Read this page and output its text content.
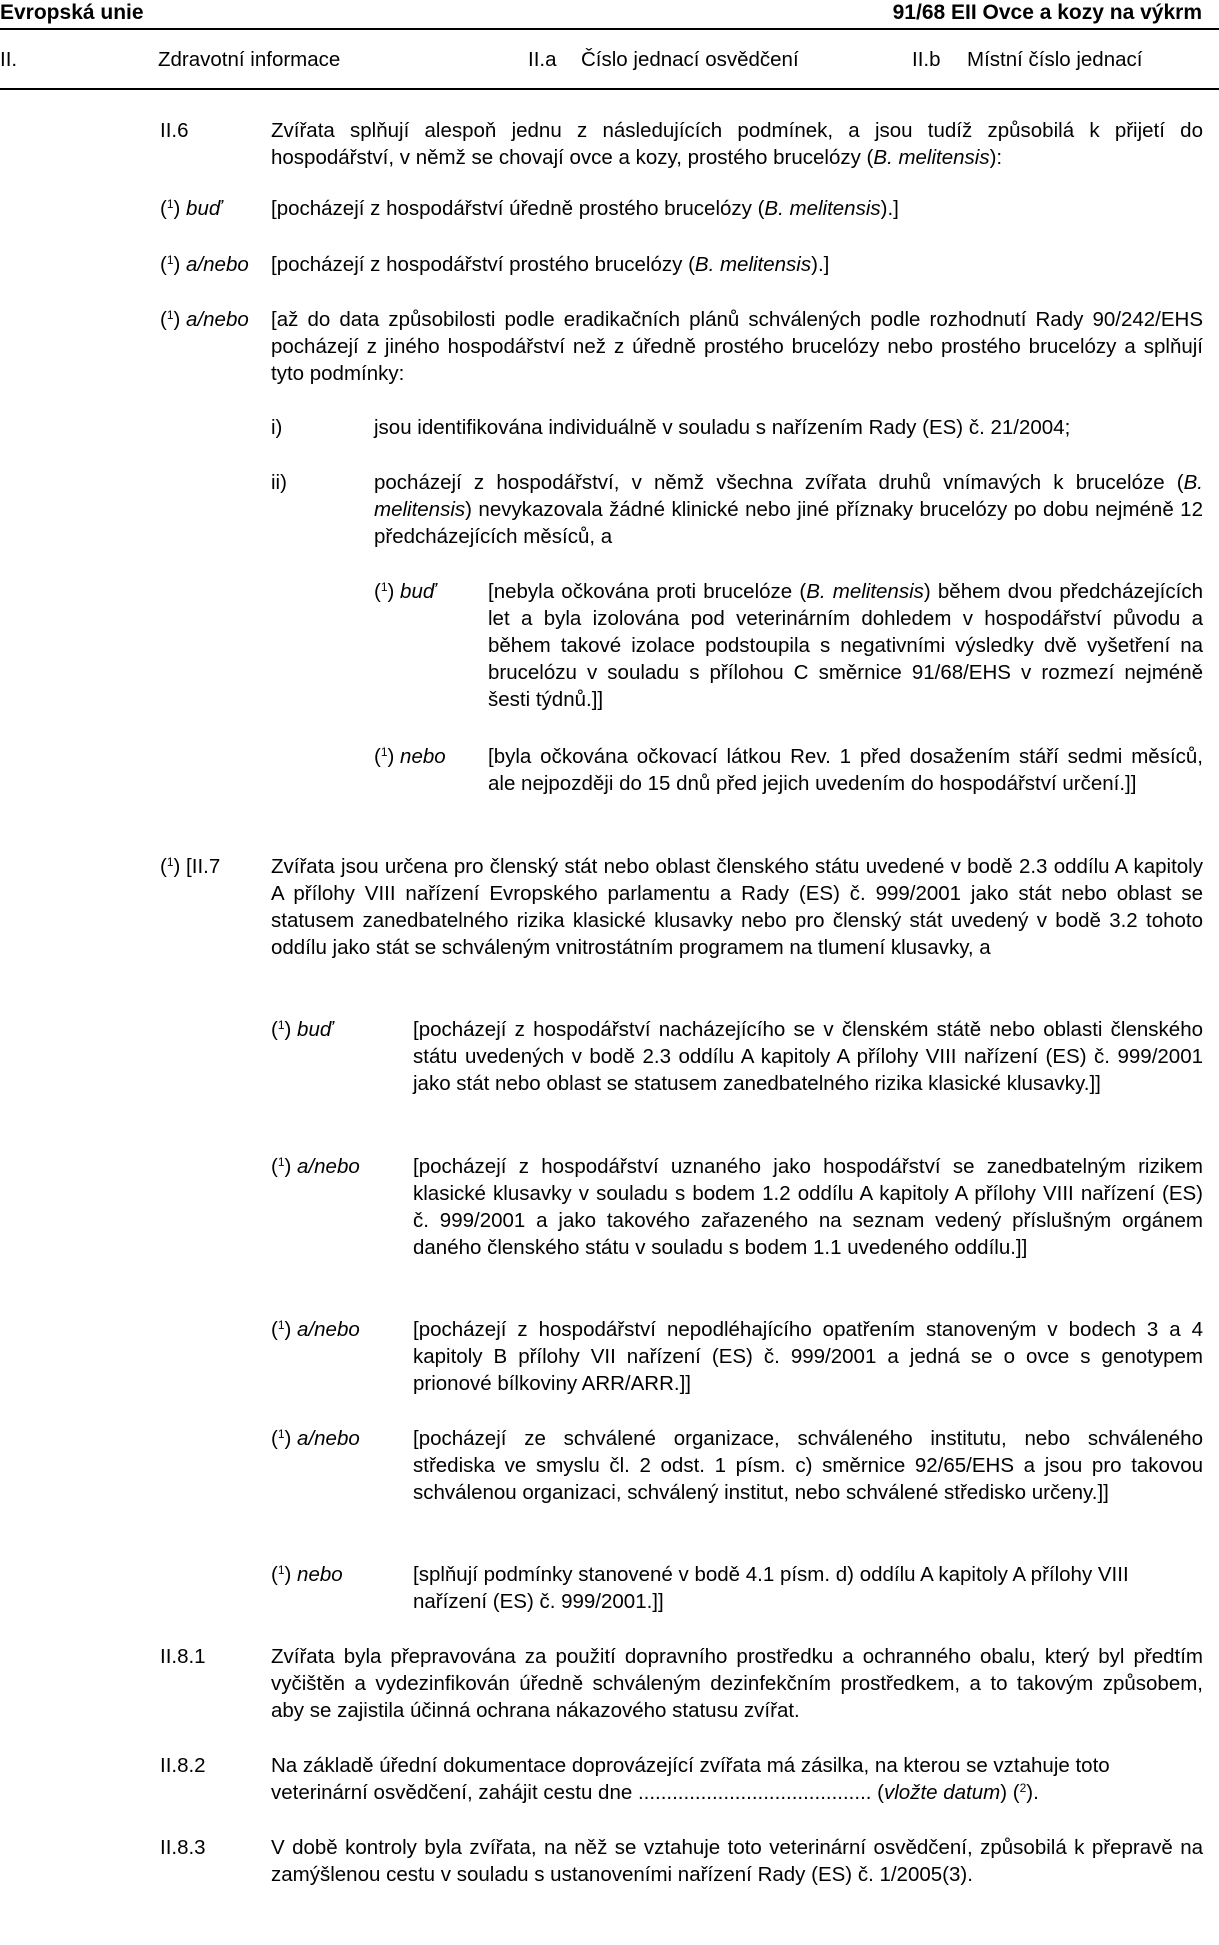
Evropská unie	91/68 EII Ovce a kozy na výkrm
II.	Zdravotní informace	II.a Číslo jednací osvědčení	II.b Místní číslo jednací
II.6	Zvířata splňují alespoň jednu z následujících podmínek, a jsou tudíž způsobilá k přijetí do hospodářství, v němž se chovají ovce a kozy, prostého brucelózy (B. melitensis):
($^1$) buď [pocházejí z hospodářství úředně prostého brucelózy (B. melitensis).]
($^1$) a/nebo [pocházejí z hospodářství prostého brucelózy (B. melitensis).]
($^1$) a/nebo [až do data způsobilosti podle eradikačních plánů schválených podle rozhodnutí Rady 90/242/EHS pocházejí z jiného hospodářství než z úředně prostého brucelózy nebo prostého brucelózy a splňují tyto podmínky:
i)	jsou identifikována individuálně v souladu s nařízením Rady (ES) č. 21/2004;
ii)	pocházejí z hospodářství, v němž všechna zvířata druhů vnímavých k brucelóze (B. melitensis) nevykazovala žádné klinické nebo jiné příznaky brucelózy po dobu nejméně 12 předcházejících měsíců, a
($^1$) buď	[nebyla očkována proti brucelóze (B. melitensis) během dvou předcházejících let a byla izolována pod veterinárním dohledem v hospodářství původu a během takové izolace podstoupila s negativními výsledky dvě vyšetření na brucelózu v souladu s přílohou C směrnice 91/68/EHS v rozmezí nejméně šesti týdnů.]]
($^1$) nebo [byla očkována očkovací látkou Rev. 1 před dosažením stáří sedmi měsíců, ale nejpozději do 15 dnů před jejich uvedením do hospodářství určení.]]
($^1$) [II.7 Zvířata jsou určena pro členský stát nebo oblast členského státu uvedené v bodě 2.3 oddílu A kapitoly A přílohy VIII nařízení Evropského parlamentu a Rady (ES) č. 999/2001 jako stát nebo oblast se statusem zanedbatelného rizika klasické klusavky nebo pro členský stát uvedený v bodě 3.2 tohoto oddílu jako stát se schváleným vnitrostátním programem na tlumení klusavky, a
($^1$) buď	[pocházejí z hospodářství nacházejícího se v členském státě nebo oblasti členského státu uvedených v bodě 2.3 oddílu A kapitoly A přílohy VIII nařízení (ES) č. 999/2001 jako stát nebo oblast se statusem zanedbatelného rizika klasické klusavky.]]
($^1$) a/nebo	[pocházejí z hospodářství uznaného jako hospodářství se zanedbatelným rizikem klasické klusavky v souladu s bodem 1.2 oddílu A kapitoly A přílohy VIII nařízení (ES) č. 999/2001 a jako takového zařazeného na seznam vedený příslušným orgánem daného členského státu v souladu s bodem 1.1 uvedeného oddílu.]]
($^1$) a/nebo	[pocházejí z hospodářství nepodléhajícího opatřením stanoveným v bodech 3 a 4 kapitoly B přílohy VII nařízení (ES) č. 999/2001 a jedná se o ovce s genotypem prionové bílkoviny ARR/ARR.]]
($^1$) a/nebo	[pocházejí ze schválené organizace, schváleného institutu, nebo schváleného střediska ve smyslu čl. 2 odst. 1 písm. c) směrnice 92/65/EHS a jsou pro takovou schválenou organizaci, schválený institut, nebo schválené středisko určeny.]]
($^1$) nebo	[splňují podmínky stanovené v bodě 4.1 písm. d) oddílu A kapitoly A přílohy VIII nařízení (ES) č. 999/2001.]]
II.8.1	Zvířata byla přepravována za použití dopravního prostředku a ochranného obalu, který byl předtím vyčištěn a vydezinfikován úředně schváleným dezinfekčním prostředkem, a to takovým způsobem, aby se zajistila účinná ochrana nákazového statusu zvířat.
II.8.2	Na základě úřední dokumentace doprovázející zvířata má zásilka, na kterou se vztahuje toto veterinární osvědčení, zahájit cestu dne ......................................... (vložte datum) ($^2$).
II.8.3	V době kontroly byla zvířata, na něž se vztahuje toto veterinární osvědčení, způsobilá k přepravě na zamýšlenou cestu v souladu s ustanoveními nařízení Rady (ES) č. 1/2005(3).
